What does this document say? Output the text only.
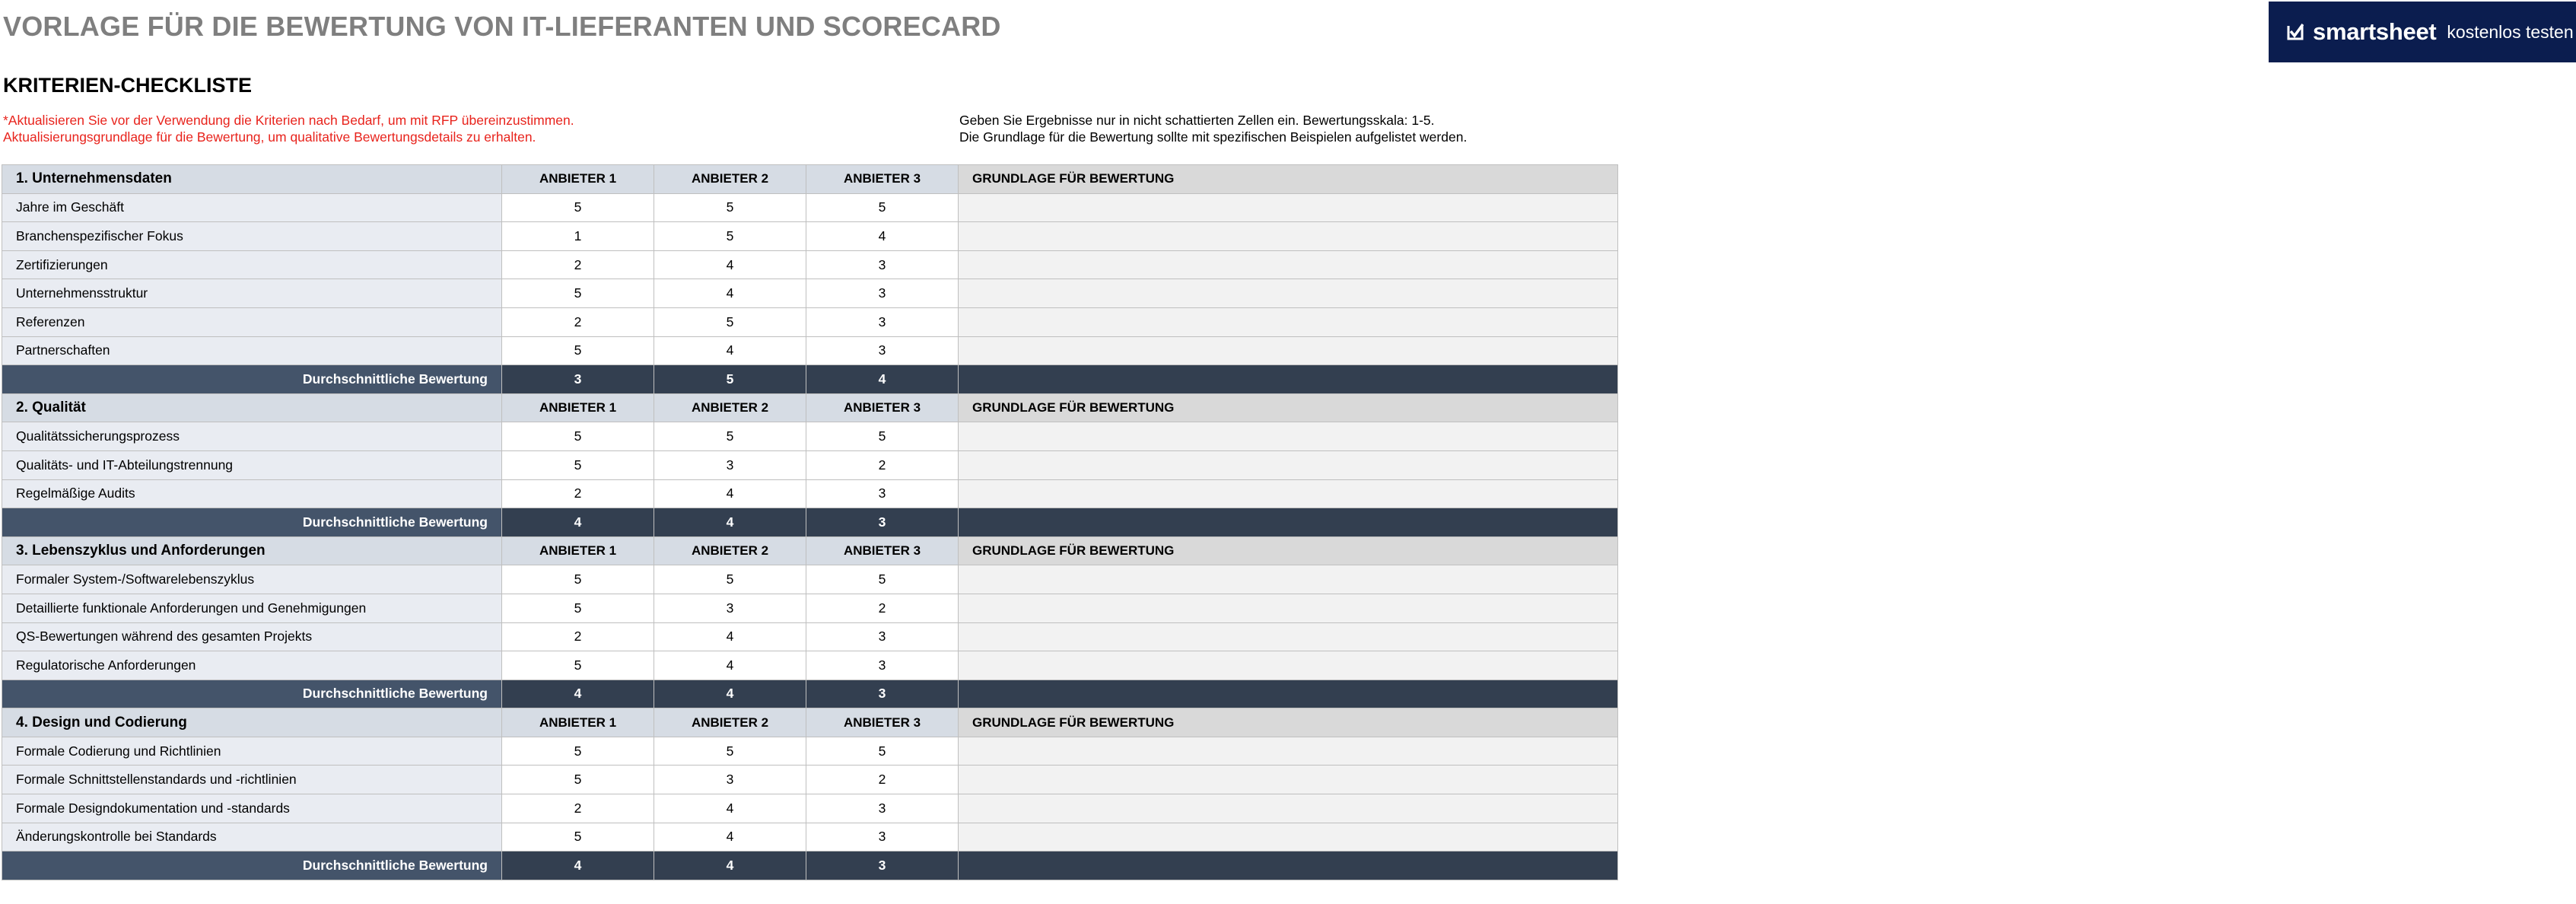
VORLAGE FÜR DIE BEWERTUNG VON IT-LIEFERANTEN UND SCORECARD	smartsheet kostenlos testen
KRITERIEN-CHECKLISTE
*Aktualisieren Sie vor der Verwendung die Kriterien nach Bedarf, um mit RFP übereinzustimmen.
Aktualisierungsgrundlage für die Bewertung, um qualitative Bewertungsdetails zu erhalten.
Geben Sie Ergebnisse nur in nicht schattierten Zellen ein. Bewertungsskala: 1-5.
Die Grundlage für die Bewertung sollte mit spezifischen Beispielen aufgelistet werden.
1. Unternehmensdaten	ANBIETER 1	ANBIETER 2	ANBIETER 3	GRUNDLAGE FÜR BEWERTUNG
Jahre im Geschäft	5	5	5	
Branchenspezifischer Fokus	1	5	4	
Zertifizierungen	2	4	3	
Unternehmensstruktur	5	4	3	
Referenzen	2	5	3	
Partnerschaften	5	4	3	
Durchschnittliche Bewertung	3	5	4	
2. Qualität	ANBIETER 1	ANBIETER 2	ANBIETER 3	GRUNDLAGE FÜR BEWERTUNG
Qualitätssicherungsprozess	5	5	5	
Qualitäts- und IT-Abteilungstrennung	5	3	2	
Regelmäßige Audits	2	4	3	
Durchschnittliche Bewertung	4	4	3	
3. Lebenszyklus und Anforderungen	ANBIETER 1	ANBIETER 2	ANBIETER 3	GRUNDLAGE FÜR BEWERTUNG
Formaler System-/Softwarelebenszyklus	5	5	5	
Detaillierte funktionale Anforderungen und Genehmigungen	5	3	2	
QS-Bewertungen während des gesamten Projekts	2	4	3	
Regulatorische Anforderungen	5	4	3	
Durchschnittliche Bewertung	4	4	3	
4. Design und Codierung	ANBIETER 1	ANBIETER 2	ANBIETER 3	GRUNDLAGE FÜR BEWERTUNG
Formale Codierung und Richtlinien	5	5	5	
Formale Schnittstellenstandards und -richtlinien	5	3	2	
Formale Designdokumentation und -standards	2	4	3	
Änderungskontrolle bei Standards	5	4	3	
Durchschnittliche Bewertung	4	4	3	
